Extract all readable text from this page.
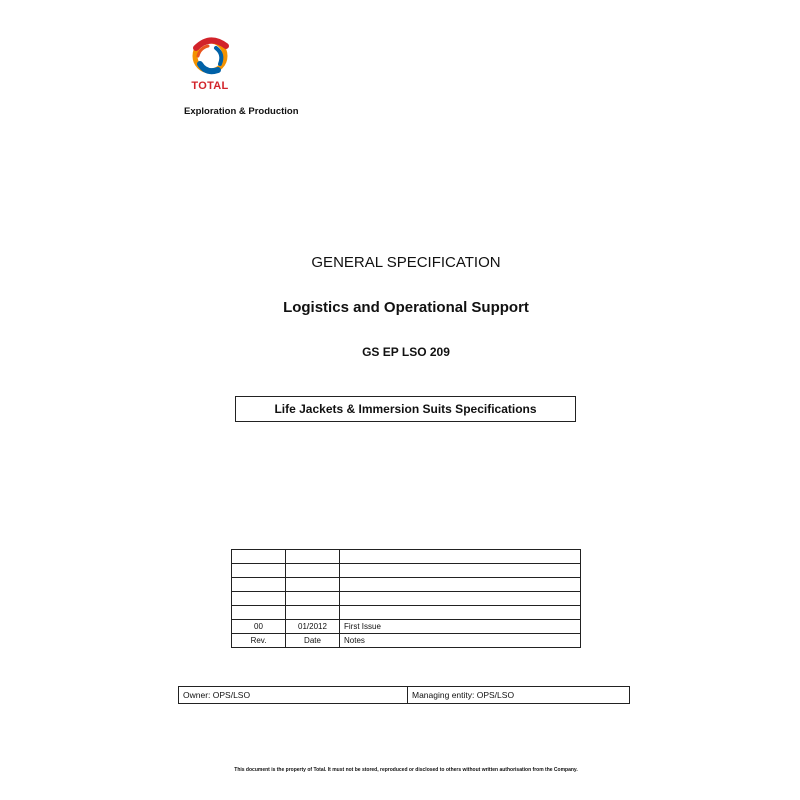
TOTAL
Exploration & Production
GENERAL SPECIFICATION
Logistics and Operational Support
GS EP LSO 209
Life Jackets & Immersion Suits Specifications

00	01/2012	First Issue
Rev.	Date	Notes
Owner: OPS/LSO	Managing entity: OPS/LSO
This document is the property of Total. It must not be stored, reproduced or disclosed to others without written authorisation from the Company.
